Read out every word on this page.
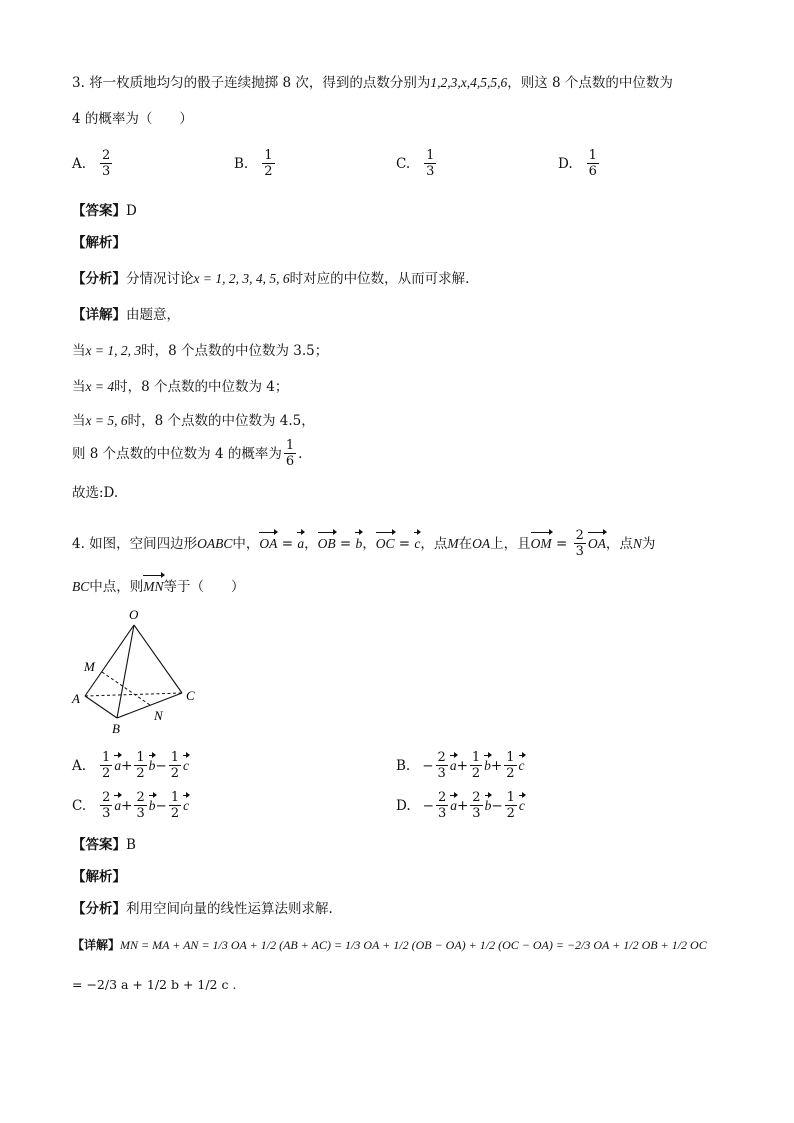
3. 将一枚质地均匀的骰子连续抛掷 8 次，得到的点数分别为1,2,3,x,4,5,5,6，则这 8 个点数的中位数为
4 的概率为（　　）
A. $\frac{2}{3}$	B. $\frac{1}{2}$	C. $\frac{1}{3}$	D. $\frac{1}{6}$
【答案】D
【解析】
【分析】分情况讨论x = 1, 2, 3, 4, 5, 6时对应的中位数，从而可求解.
【详解】由题意，
当x = 1, 2, 3时，8 个点数的中位数为 3.5；
当x = 4时，8 个点数的中位数为 4；
当x = 5, 6时，8 个点数的中位数为 4.5，
则 8 个点数的中位数为 4 的概率为 $\frac{1}{6}$ .
故选:D.
4. 如图，空间四边形 OABC 中， OA = a ， OB = b ， OC = c ，点 M 在 OA 上，且 OM = $\frac{2}{3}$ OA ，点 N 为
BC中点，则MN等于（　　）
O
M
A
B
C
N
A. $\frac{1}{2}$ $a + \frac{1}{2}$ $b - \frac{1}{2}$ c	B. − $\frac{2}{3}$ $a + \frac{1}{2}$ $b + \frac{1}{2}$ c
C. $\frac{2}{3}$ $a + \frac{2}{3}$ $b - \frac{1}{2}$ c	D. − $\frac{2}{3}$ $a + \frac{2}{3}$ $b - \frac{1}{2}$ c
【答案】B
【解析】
【分析】利用空间向量的线性运算法则求解.
【详解】MN = MA + AN = 1/3 OA + 1/2 (AB + AC) = 1/3 OA + 1/2 (OB − OA) + 1/2 (OC − OA) = −2/3 OA + 1/2 OB + 1/2 OC
= −2/3 a + 1/2 b + 1/2 c .
